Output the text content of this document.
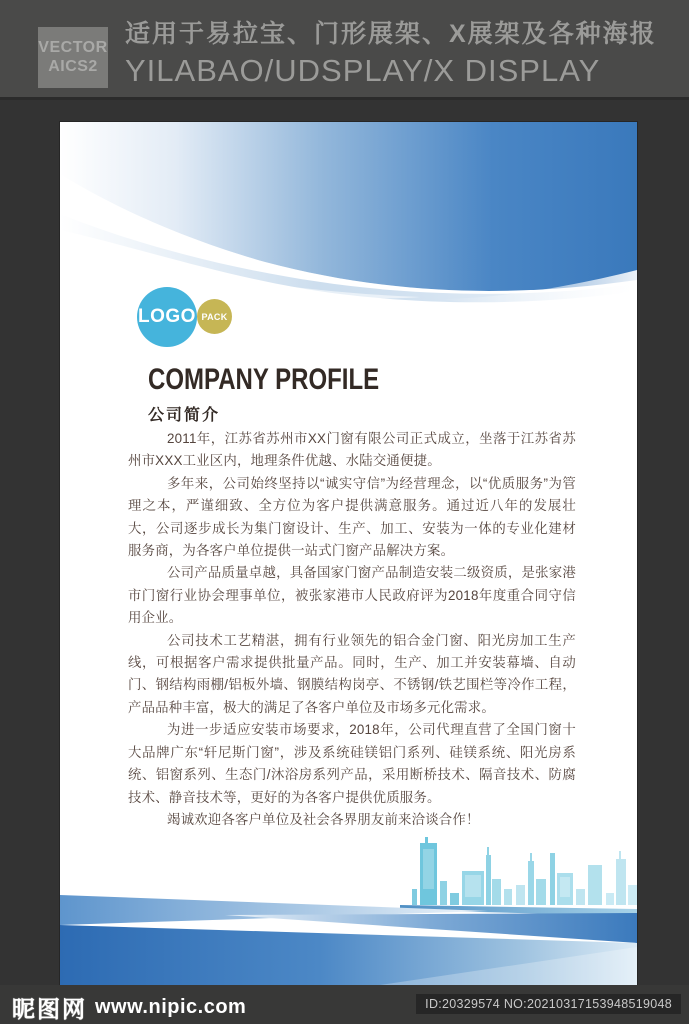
VECTOR
AICS2
适用于易拉宝、门形展架、X展架及各种海报
YILABAO/UDSPLAY/X DISPLAY
LOGO PACK
COMPANY PROFILE
公司简介

2011年，江苏省苏州市XX门窗有限公司正式成立，坐落于江苏省苏州市XXX工业区内，地理条件优越、水陆交通便捷。

多年来，公司始终坚持以“诚实守信”为经营理念，以“优质服务”为管理之本，严谨细致、全方位为客户提供满意服务。通过近八年的发展壮大，公司逐步成长为集门窗设计、生产、加工、安装为一体的专业化建材服务商，为各客户单位提供一站式门窗产品解决方案。

公司产品质量卓越，具备国家门窗产品制造安装二级资质，是张家港市门窗行业协会理事单位，被张家港市人民政府评为2018年度重合同守信用企业。

公司技术工艺精湛，拥有行业领先的铝合金门窗、阳光房加工生产线，可根据客户需求提供批量产品。同时，生产、加工并安装幕墙、自动门、钢结构雨棚/铝板外墙、钢膜结构岗亭、不锈钢/铁艺围栏等冷作工程，产品品种丰富，极大的满足了各客户单位及市场多元化需求。

为进一步适应安装市场要求，2018年，公司代理直营了全国门窗十大品牌广东“轩尼斯门窗”，涉及系统硅镁铝门系列、硅镁系统、阳光房系统、铝窗系列、生态门/沐浴房系列产品，采用断桥技术、隔音技术、防腐技术、静音技术等，更好的为各客户提供优质服务。

竭诚欢迎各客户单位及社会各界朋友前来洽谈合作！

昵图网 www.nipic.com	ID:20329574 NO:20210317153948519048
